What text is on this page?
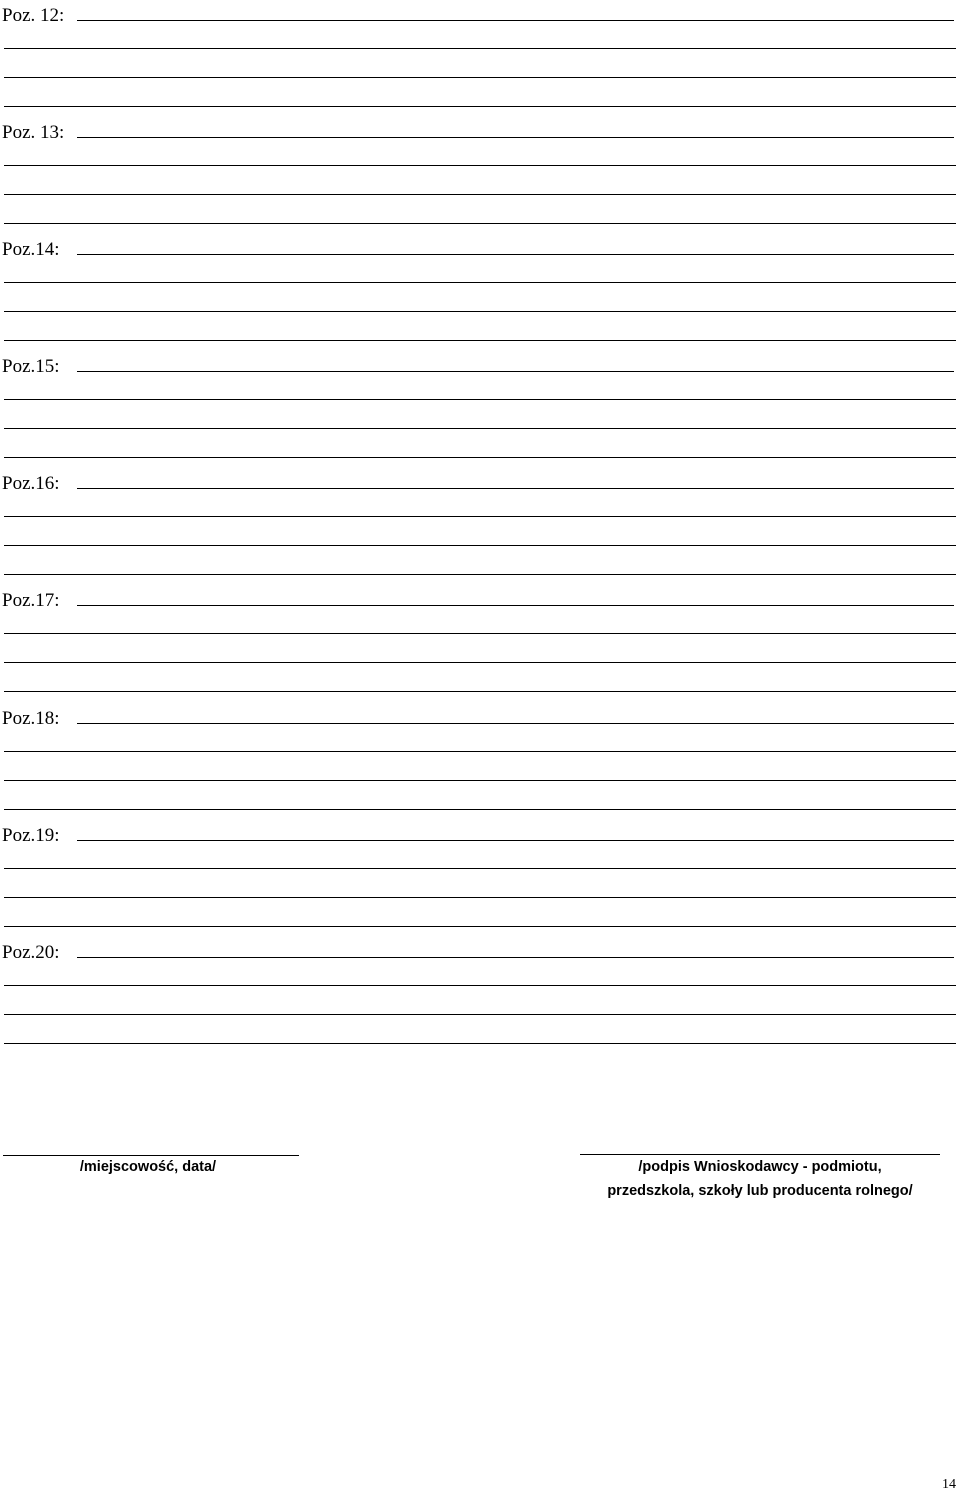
Poz. 12:
Poz. 13:
Poz.14:
Poz.15:
Poz.16:
Poz.17:
Poz.18:
Poz.19:
Poz.20:
/miejscowość, data/	/podpis Wnioskodawcy - podmiotu,
przedszkola, szkoły lub producenta rolnego/
14
